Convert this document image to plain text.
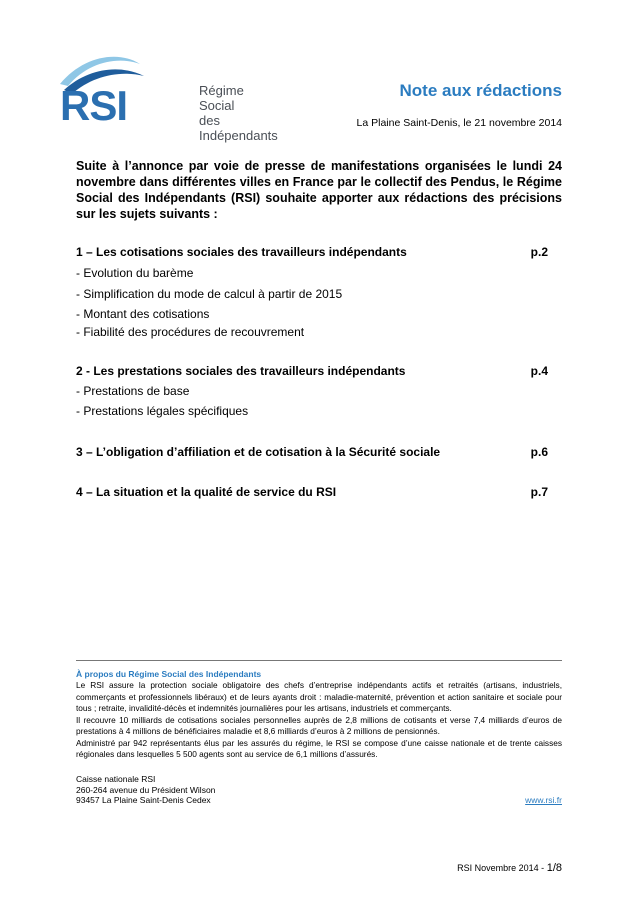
RSI	Régime Social
des Indépendants
Note aux rédactions
La Plaine Saint-Denis, le 21 novembre 2014
Suite à l’annonce par voie de presse de manifestations organisées le lundi 24 novembre dans différentes villes en France par le collectif des Pendus, le Régime Social des Indépendants (RSI) souhaite apporter aux rédactions des précisions sur les sujets suivants :
1 – Les cotisations sociales des travailleurs indépendants	p.2
- Evolution du barème
- Simplification du mode de calcul à partir de 2015
- Montant des cotisations
- Fiabilité des procédures de recouvrement
2 - Les prestations sociales des travailleurs indépendants	p.4
- Prestations de base
- Prestations légales spécifiques
3 – L’obligation d’affiliation et de cotisation à la Sécurité sociale	p.6
4 – La situation et la qualité de service du RSI	p.7
À propos du Régime Social des Indépendants

Le RSI assure la protection sociale obligatoire des chefs d’entreprise indépendants actifs et retraités (artisans, industriels, commerçants et professionnels libéraux) et de leurs ayants droit : maladie-maternité, prévention et action sanitaire et sociale pour tous ; retraite, invalidité-décès et indemnités journalières pour les artisans, industriels et commerçants.

Il recouvre 10 milliards de cotisations sociales personnelles auprès de 2,8 millions de cotisants et verse 7,4 milliards d’euros de prestations à 4 millions de bénéficiaires maladie et 8,6 milliards d’euros à 2 millions de pensionnés.

Administré par 942 représentants élus par les assurés du régime, le RSI se compose d’une caisse nationale et de trente caisses régionales dans lesquelles 5 500 agents sont au service de 6,1 millions d’assurés.

Caisse nationale RSI
260-264 avenue du Président Wilson
93457 La Plaine Saint-Denis Cedex	www.rsi.fr
RSI Novembre 2014 - 1/8
